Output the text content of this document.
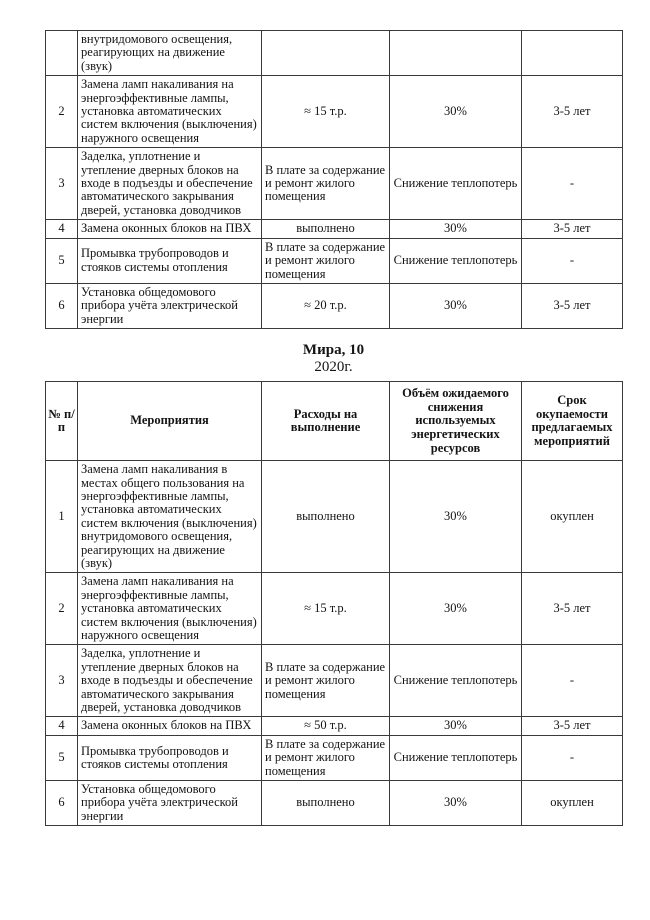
	внутридомового освещения, реагирующих на движение (звук)			
2	Замена ламп накаливания на энергоэффективные лампы, установка автоматических систем включения (выключения) наружного освещения	≈ 15 т.р.	30%	3-5 лет
3	Заделка, уплотнение и утепление дверных блоков на входе в подъезды и обеспечение автоматического закрывания дверей, установка доводчиков	В плате за содержание и ремонт жилого помещения	Снижение теплопотерь	-
4	Замена оконных блоков на ПВХ	выполнено	30%	3-5 лет
5	Промывка трубопроводов и стояков системы отопления	В плате за содержание и ремонт жилого помещения	Снижение теплопотерь	-
6	Установка общедомового прибора учёта электрической энергии	≈ 20 т.р.	30%	3-5 лет
Мира, 10
2020г.
№ п/п	Мероприятия	Расходы на выполнение	Объём ожидаемого снижения используемых энергетических ресурсов	Срок окупаемости предлагаемых мероприятий
1	Замена ламп накаливания в местах общего пользования на энергоэффективные лампы, установка автоматических систем включения (выключения) внутридомового освещения, реагирующих на движение (звук)	выполнено	30%	окуплен
2	Замена ламп накаливания на энергоэффективные лампы, установка автоматических систем включения (выключения) наружного освещения	≈ 15 т.р.	30%	3-5 лет
3	Заделка, уплотнение и утепление дверных блоков на входе в подъезды и обеспечение автоматического закрывания дверей, установка доводчиков	В плате за содержание и ремонт жилого помещения	Снижение теплопотерь	-
4	Замена оконных блоков на ПВХ	≈ 50 т.р.	30%	3-5 лет
5	Промывка трубопроводов и стояков системы отопления	В плате за содержание и ремонт жилого помещения	Снижение теплопотерь	-
6	Установка общедомового прибора учёта электрической энергии	выполнено	30%	окуплен
